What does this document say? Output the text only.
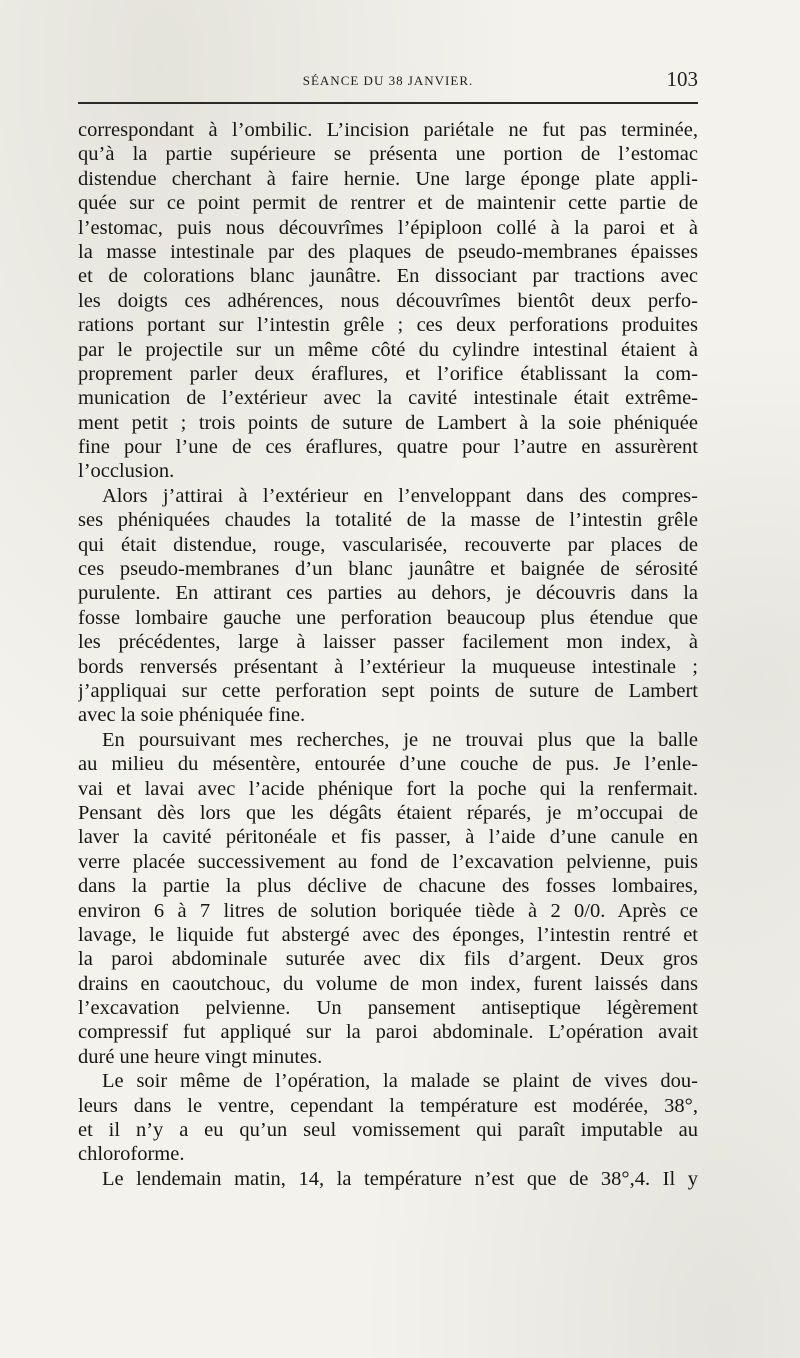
SÉANCE DU 38 JANVIER.	103
correspondant à l’ombilic. L’incision pariétale ne fut pas terminée,
qu’à la partie supérieure se présenta une portion de l’estomac
distendue cherchant à faire hernie. Une large éponge plate appli-
quée sur ce point permit de rentrer et de maintenir cette partie de
l’estomac, puis nous découvrîmes l’épiploon collé à la paroi et à
la masse intestinale par des plaques de pseudo-membranes épaisses
et de colorations blanc jaunâtre. En dissociant par tractions avec
les doigts ces adhérences, nous découvrîmes bientôt deux perfo-
rations portant sur l’intestin grêle ; ces deux perforations produites
par le projectile sur un même côté du cylindre intestinal étaient à
proprement parler deux éraflures, et l’orifice établissant la com-
munication de l’extérieur avec la cavité intestinale était extrême-
ment petit ; trois points de suture de Lambert à la soie phéniquée
fine pour l’une de ces éraflures, quatre pour l’autre en assurèrent
l’occlusion.
Alors j’attirai à l’extérieur en l’enveloppant dans des compres-
ses phéniquées chaudes la totalité de la masse de l’intestin grêle
qui était distendue, rouge, vascularisée, recouverte par places de
ces pseudo-membranes d’un blanc jaunâtre et baignée de sérosité
purulente. En attirant ces parties au dehors, je découvris dans la
fosse lombaire gauche une perforation beaucoup plus étendue que
les précédentes, large à laisser passer facilement mon index, à
bords renversés présentant à l’extérieur la muqueuse intestinale ;
j’appliquai sur cette perforation sept points de suture de Lambert
avec la soie phéniquée fine.
En poursuivant mes recherches, je ne trouvai plus que la balle
au milieu du mésentère, entourée d’une couche de pus. Je l’enle-
vai et lavai avec l’acide phénique fort la poche qui la renfermait.
Pensant dès lors que les dégâts étaient réparés, je m’occupai de
laver la cavité péritonéale et fis passer, à l’aide d’une canule en
verre placée successivement au fond de l’excavation pelvienne, puis
dans la partie la plus déclive de chacune des fosses lombaires,
environ 6 à 7 litres de solution boriquée tiède à 2 0/0. Après ce
lavage, le liquide fut abstergé avec des éponges, l’intestin rentré et
la paroi abdominale suturée avec dix fils d’argent. Deux gros
drains en caoutchouc, du volume de mon index, furent laissés dans
l’excavation pelvienne. Un pansement antiseptique légèrement
compressif fut appliqué sur la paroi abdominale. L’opération avait
duré une heure vingt minutes.
Le soir même de l’opération, la malade se plaint de vives dou-
leurs dans le ventre, cependant la température est modérée, 38°,
et il n’y a eu qu’un seul vomissement qui paraît imputable au
chloroforme.
Le lendemain matin, 14, la température n’est que de 38°,4. Il y
